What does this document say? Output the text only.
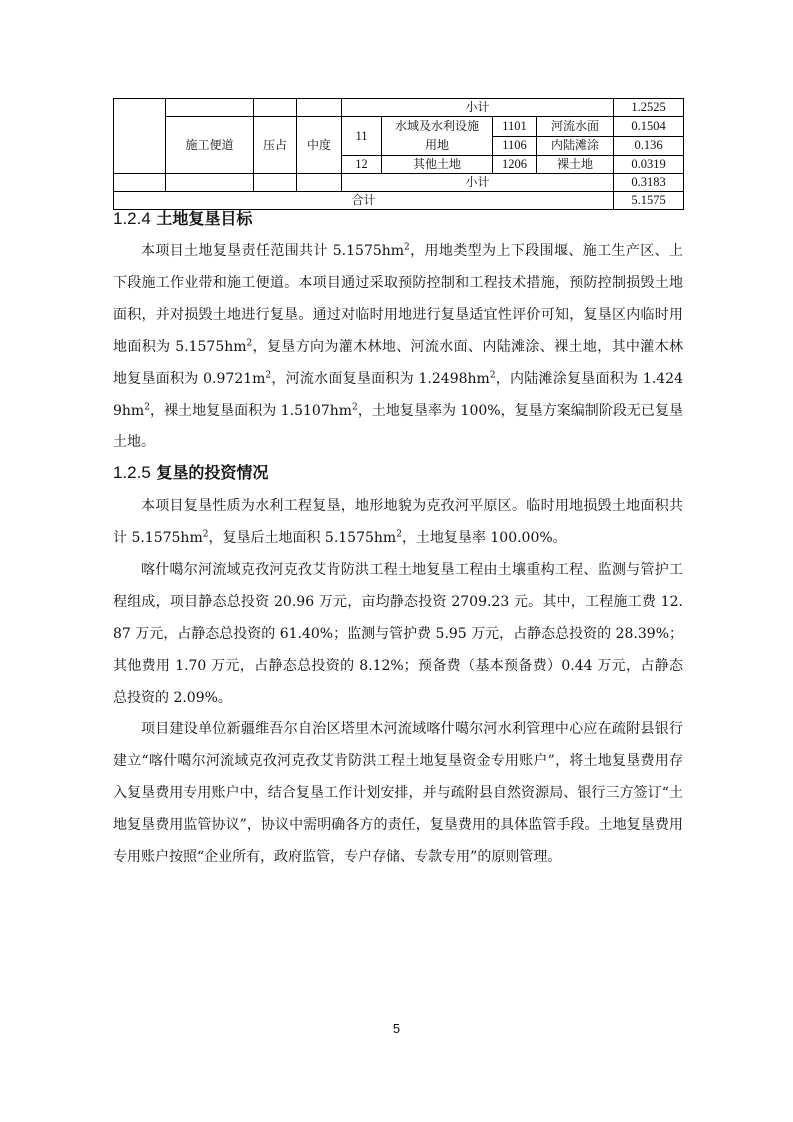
				小计				1.2525
	施工便道	压占	中度	11	水域及水利设施用地	1101	河流水面	0.1504
						1106	内陆滩涂	0.136
				12	其他土地	1206	裸土地	0.0319
				小计				0.3183
合计								5.1575
1.2.4 土地复垦目标

本项目土地复垦责任范围共计 $5.1575hm^2$，用地类型为上下段围堰、施工生产区、上下段施工作业带和施工便道。本项目通过采取预防控制和工程技术措施，预防控制损毁土地面积，并对损毁土地进行复垦。通过对临时用地进行复垦适宜性评价可知，复垦区内临时用地面积为 $5.1575hm^2$，复垦方向为灌木林地、河流水面、内陆滩涂、裸土地，其中灌木林地复垦面积为 $0.9721m^2$，河流水面复垦面积为 $1.2498hm^2$，内陆滩涂复垦面积为 $1.4249hm^2$，裸土地复垦面积为 $1.5107hm^2$，土地复垦率为 100%，复垦方案编制阶段无已复垦土地。

1.2.5 复垦的投资情况

本项目复垦性质为水利工程复垦，地形地貌为克孜河平原区。临时用地损毁土地面积共计 $5.1575hm^2$，复垦后土地面积 $5.1575hm^2$，土地复垦率 100.00%。

喀什噶尔河流域克孜河克孜艾肯防洪工程土地复垦工程由土壤重构工程、监测与管护工程组成，项目静态总投资 20.96 万元，亩均静态投资 2709.23 元。其中，工程施工费 12.87 万元，占静态总投资的 61.40%；监测与管护费 5.95 万元，占静态总投资的 28.39%；其他费用 1.70 万元，占静态总投资的 8.12%；预备费（基本预备费）0.44 万元，占静态总投资的 2.09%。

项目建设单位新疆维吾尔自治区塔里木河流域喀什噶尔河水利管理中心应在疏附县银行建立“喀什噶尔河流域克孜河克孜艾肯防洪工程土地复垦资金专用账户”，将土地复垦费用存入复垦费用专用账户中，结合复垦工作计划安排，并与疏附县自然资源局、银行三方签订“土地复垦费用监管协议”，协议中需明确各方的责任，复垦费用的具体监管手段。土地复垦费用专用账户按照“企业所有，政府监管，专户存储、专款专用”的原则管理。

5
